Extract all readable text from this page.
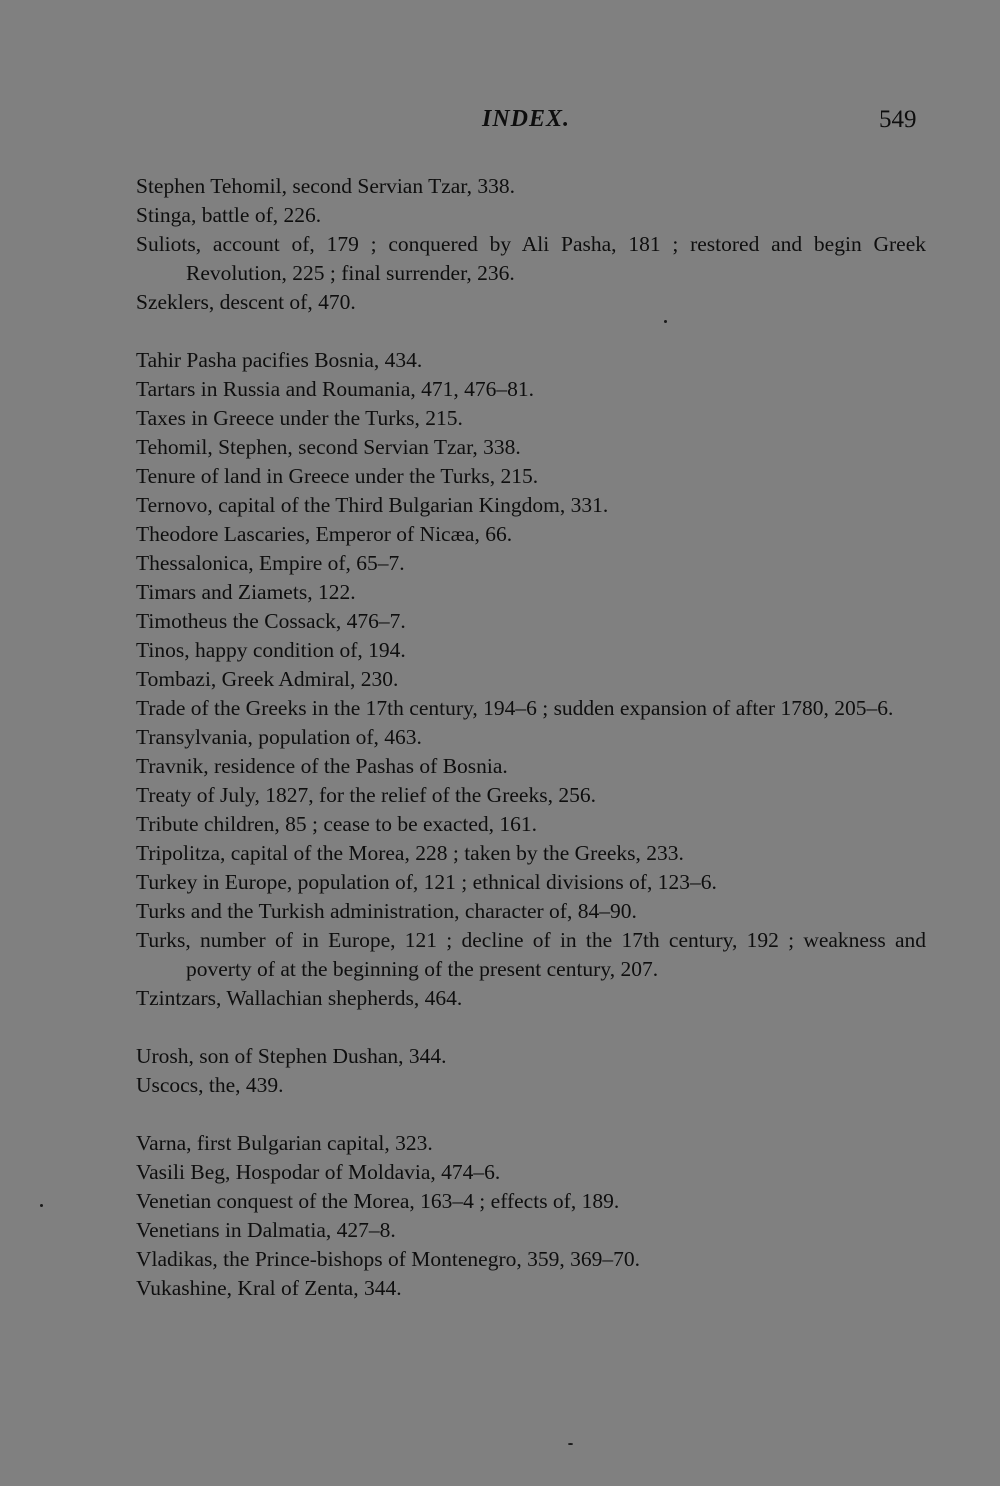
INDEX.	549
Stephen Tehomil, second Servian Tzar, 338.
Stinga, battle of, 226.
Suliots, account of, 179 ; conquered by Ali Pasha, 181 ; restored and begin Greek Revolution, 225 ; final surrender, 236.
Szeklers, descent of, 470.
Tahir Pasha pacifies Bosnia, 434.
Tartars in Russia and Roumania, 471, 476–81.
Taxes in Greece under the Turks, 215.
Tehomil, Stephen, second Servian Tzar, 338.
Tenure of land in Greece under the Turks, 215.
Ternovo, capital of the Third Bulgarian Kingdom, 331.
Theodore Lascaries, Emperor of Nicæa, 66.
Thessalonica, Empire of, 65–7.
Timars and Ziamets, 122.
Timotheus the Cossack, 476–7.
Tinos, happy condition of, 194.
Tombazi, Greek Admiral, 230.
Trade of the Greeks in the 17th century, 194–6 ; sudden expansion of after 1780, 205–6.
Transylvania, population of, 463.
Travnik, residence of the Pashas of Bosnia.
Treaty of July, 1827, for the relief of the Greeks, 256.
Tribute children, 85 ; cease to be exacted, 161.
Tripolitza, capital of the Morea, 228 ; taken by the Greeks, 233.
Turkey in Europe, population of, 121 ; ethnical divisions of, 123–6.
Turks and the Turkish administration, character of, 84–90.
Turks, number of in Europe, 121 ; decline of in the 17th century, 192 ; weakness and poverty of at the beginning of the present century, 207.
Tzintzars, Wallachian shepherds, 464.
Urosh, son of Stephen Dushan, 344.
Uscocs, the, 439.
Varna, first Bulgarian capital, 323.
Vasili Beg, Hospodar of Moldavia, 474–6.
Venetian conquest of the Morea, 163–4 ; effects of, 189.
Venetians in Dalmatia, 427–8.
Vladikas, the Prince-bishops of Montenegro, 359, 369–70.
Vukashine, Kral of Zenta, 344.
